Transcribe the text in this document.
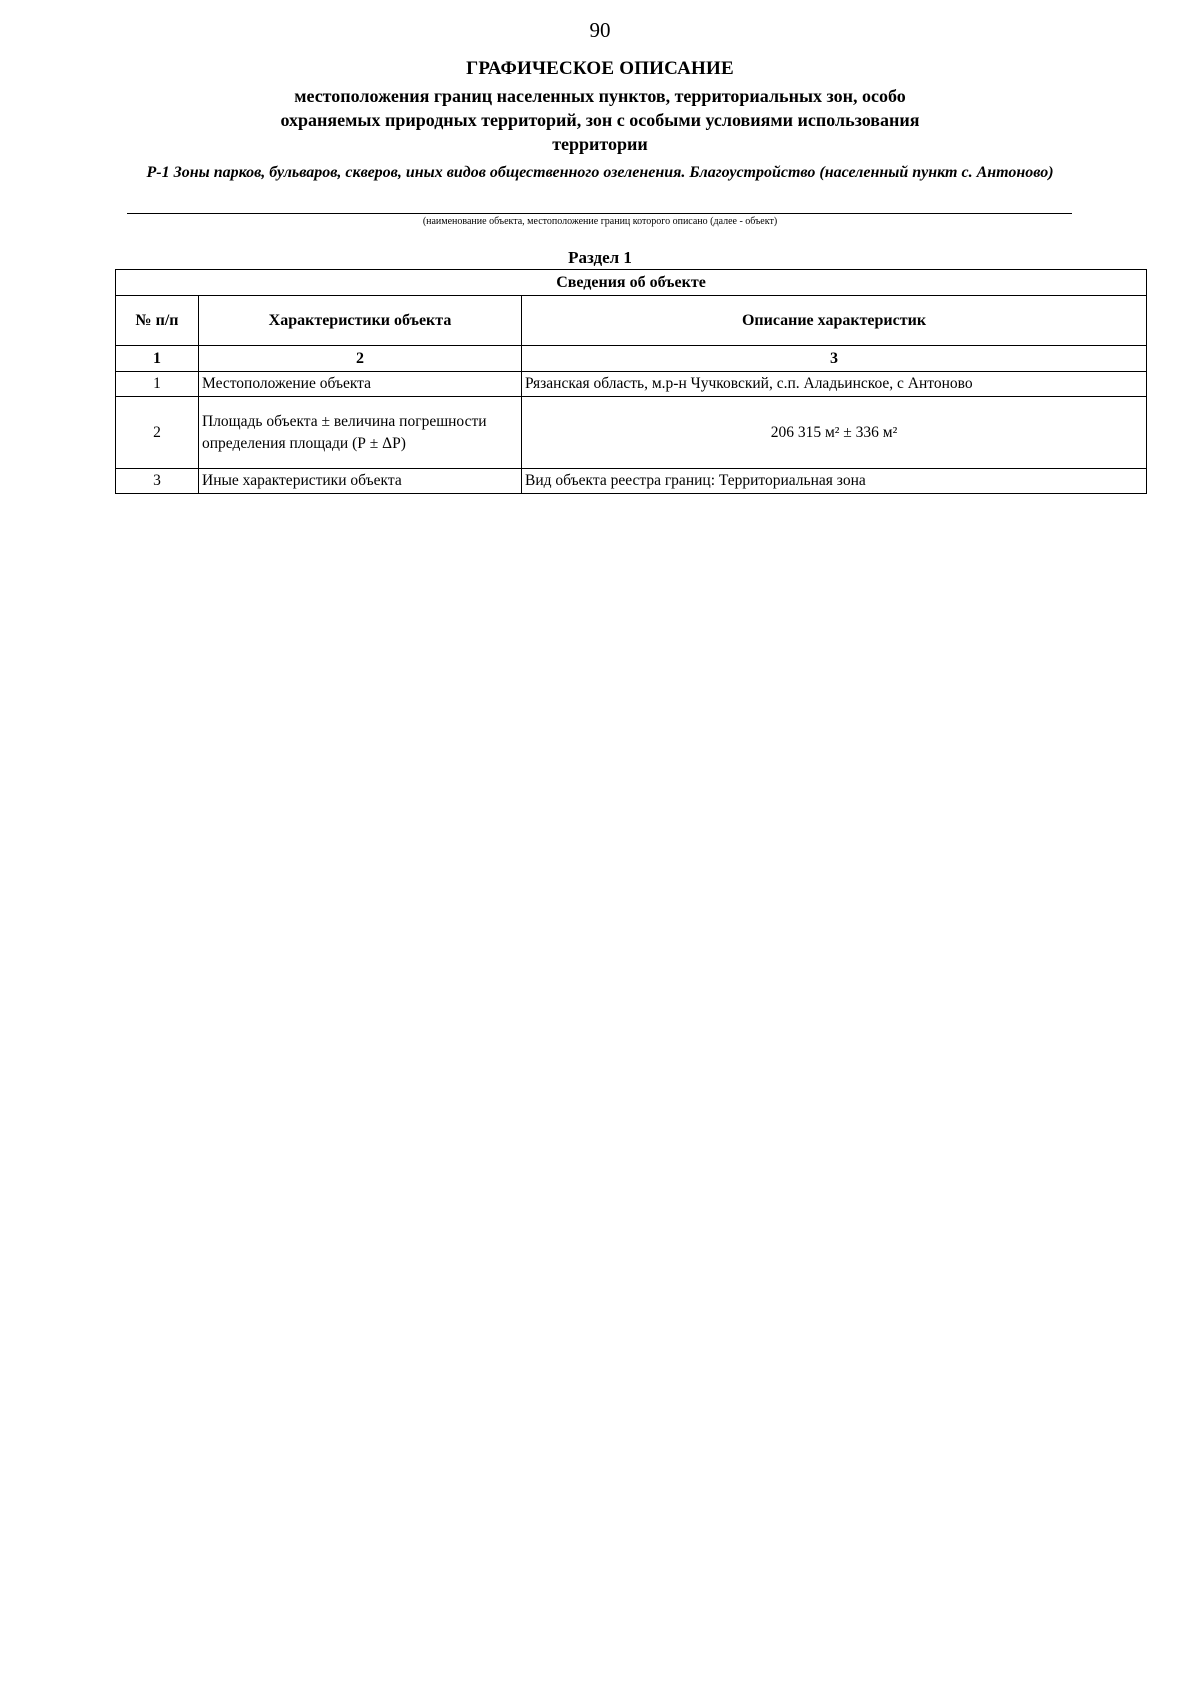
90
ГРАФИЧЕСКОЕ ОПИСАНИЕ
местоположения границ населенных пунктов, территориальных зон, особо охраняемых природных территорий, зон с особыми условиями использования территории
Р-1 Зоны парков, бульваров, скверов, иных видов общественного озеленения. Благоустройство (населенный пункт с. Антоново)
(наименование объекта, местоположение границ которого описано (далее - объект)
Раздел 1
Сведения об объекте		
№ п/п	Характеристики объекта	Описание характеристик
1	2	3
1	Местоположение объекта	Рязанская область, м.р-н Чучковский, с.п. Аладьинское, с Антоново
2	Площадь объекта ± величина погрешности определения площади (Р ± ΔР)	206 315 м² ± 336 м²
3	Иные характеристики объекта	Вид объекта реестра границ: Территориальная зона
